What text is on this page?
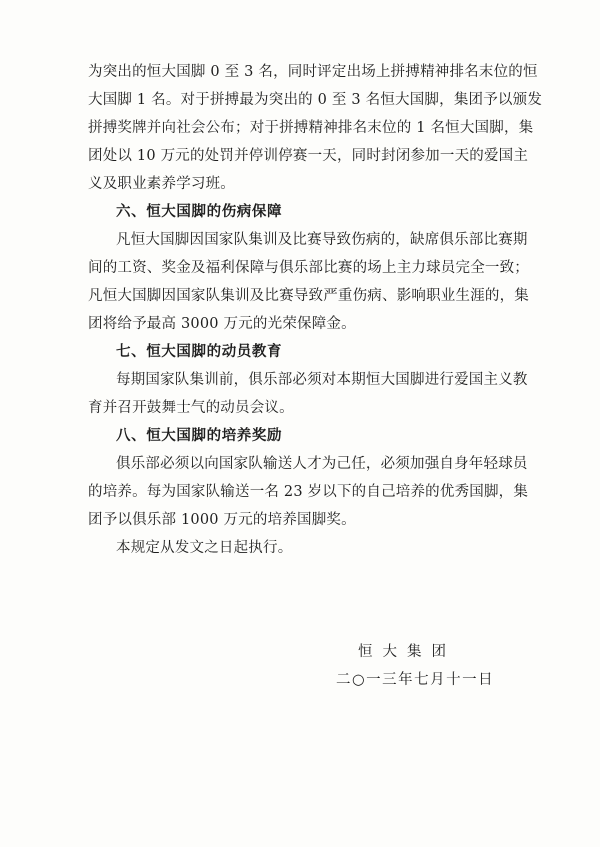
为突出的恒大国脚 0 至 3 名，同时评定出场上拼搏精神排名末位的恒
大国脚 1 名。对于拼搏最为突出的 0 至 3 名恒大国脚，集团予以颁发
拼搏奖牌并向社会公布；对于拼搏精神排名末位的 1 名恒大国脚，集
团处以 10 万元的处罚并停训停赛一天，同时封闭参加一天的爱国主
义及职业素养学习班。
六、恒大国脚的伤病保障
凡恒大国脚因国家队集训及比赛导致伤病的，缺席俱乐部比赛期
间的工资、奖金及福利保障与俱乐部比赛的场上主力球员完全一致；
凡恒大国脚因国家队集训及比赛导致严重伤病、影响职业生涯的，集
团将给予最高 3000 万元的光荣保障金。
七、恒大国脚的动员教育
每期国家队集训前，俱乐部必须对本期恒大国脚进行爱国主义教
育并召开鼓舞士气的动员会议。
八、恒大国脚的培养奖励
俱乐部必须以向国家队输送人才为己任，必须加强自身年轻球员
的培养。每为国家队输送一名 23 岁以下的自己培养的优秀国脚，集
团予以俱乐部 1000 万元的培养国脚奖。
本规定从发文之日起执行。
恒大集团
二○一三年七月十一日
